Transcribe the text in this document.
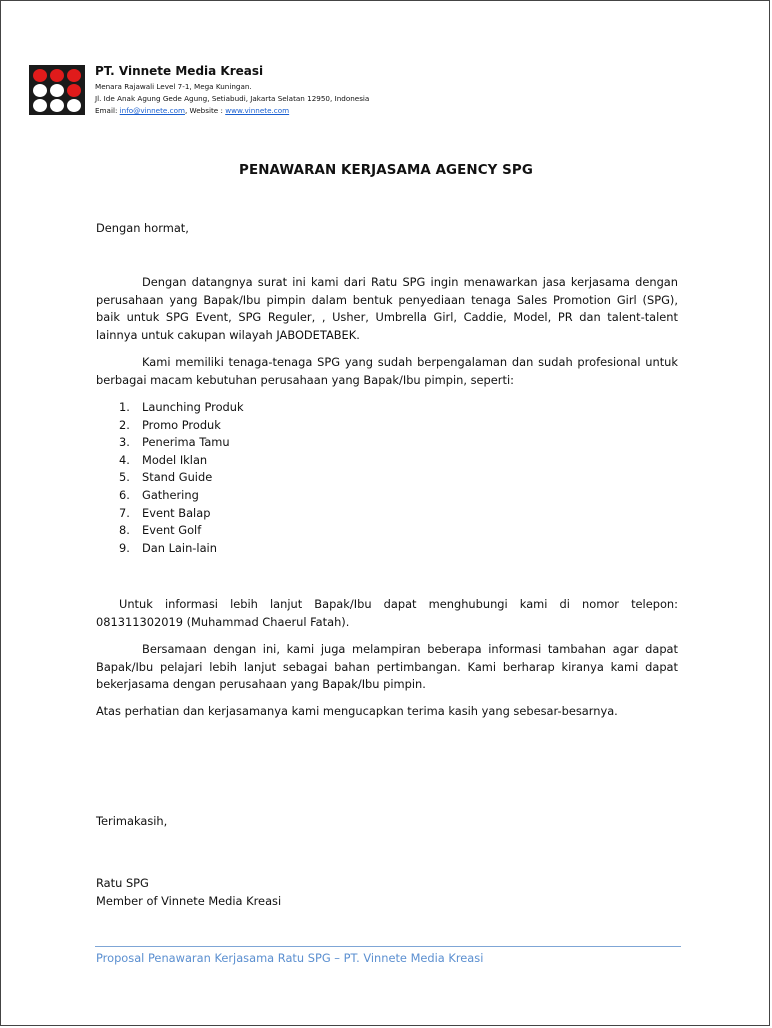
PT. Vinnete Media Kreasi
Menara Rajawali Level 7-1, Mega Kuningan.
Jl. Ide Anak Agung Gede Agung, Setiabudi, Jakarta Selatan 12950, Indonesia
Email: info@vinnete.com, Website : www.vinnete.com
PENAWARAN KERJASAMA AGENCY SPG
Dengan hormat,

Dengan datangnya surat ini kami dari Ratu SPG ingin menawarkan jasa kerjasama dengan perusahaan yang Bapak/Ibu pimpin dalam bentuk penyediaan tenaga Sales Promotion Girl (SPG), baik untuk SPG Event, SPG Reguler, , Usher, Umbrella Girl, Caddie, Model, PR dan talent-talent lainnya untuk cakupan wilayah JABODETABEK.

Kami memiliki tenaga-tenaga SPG yang sudah berpengalaman dan sudah profesional untuk berbagai macam kebutuhan perusahaan yang Bapak/Ibu pimpin, seperti:

1.	Launching Produk
2.	Promo Produk
3.	Penerima Tamu
4.	Model Iklan
5.	Stand Guide
6.	Gathering
7.	Event Balap
8.	Event Golf
9.	Dan Lain-lain

Untuk informasi lebih lanjut Bapak/Ibu dapat menghubungi kami di nomor telepon: 081311302019 (Muhammad Chaerul Fatah).

Bersamaan dengan ini, kami juga melampiran beberapa informasi tambahan agar dapat Bapak/Ibu pelajari lebih lanjut sebagai bahan pertimbangan. Kami berharap kiranya kami dapat bekerjasama dengan perusahaan yang Bapak/Ibu pimpin.

Atas perhatian dan kerjasamanya kami mengucapkan terima kasih yang sebesar-besarnya.
Terimakasih,
Ratu SPG
Member of Vinnete Media Kreasi
Proposal Penawaran Kerjasama Ratu SPG – PT. Vinnete Media Kreasi
